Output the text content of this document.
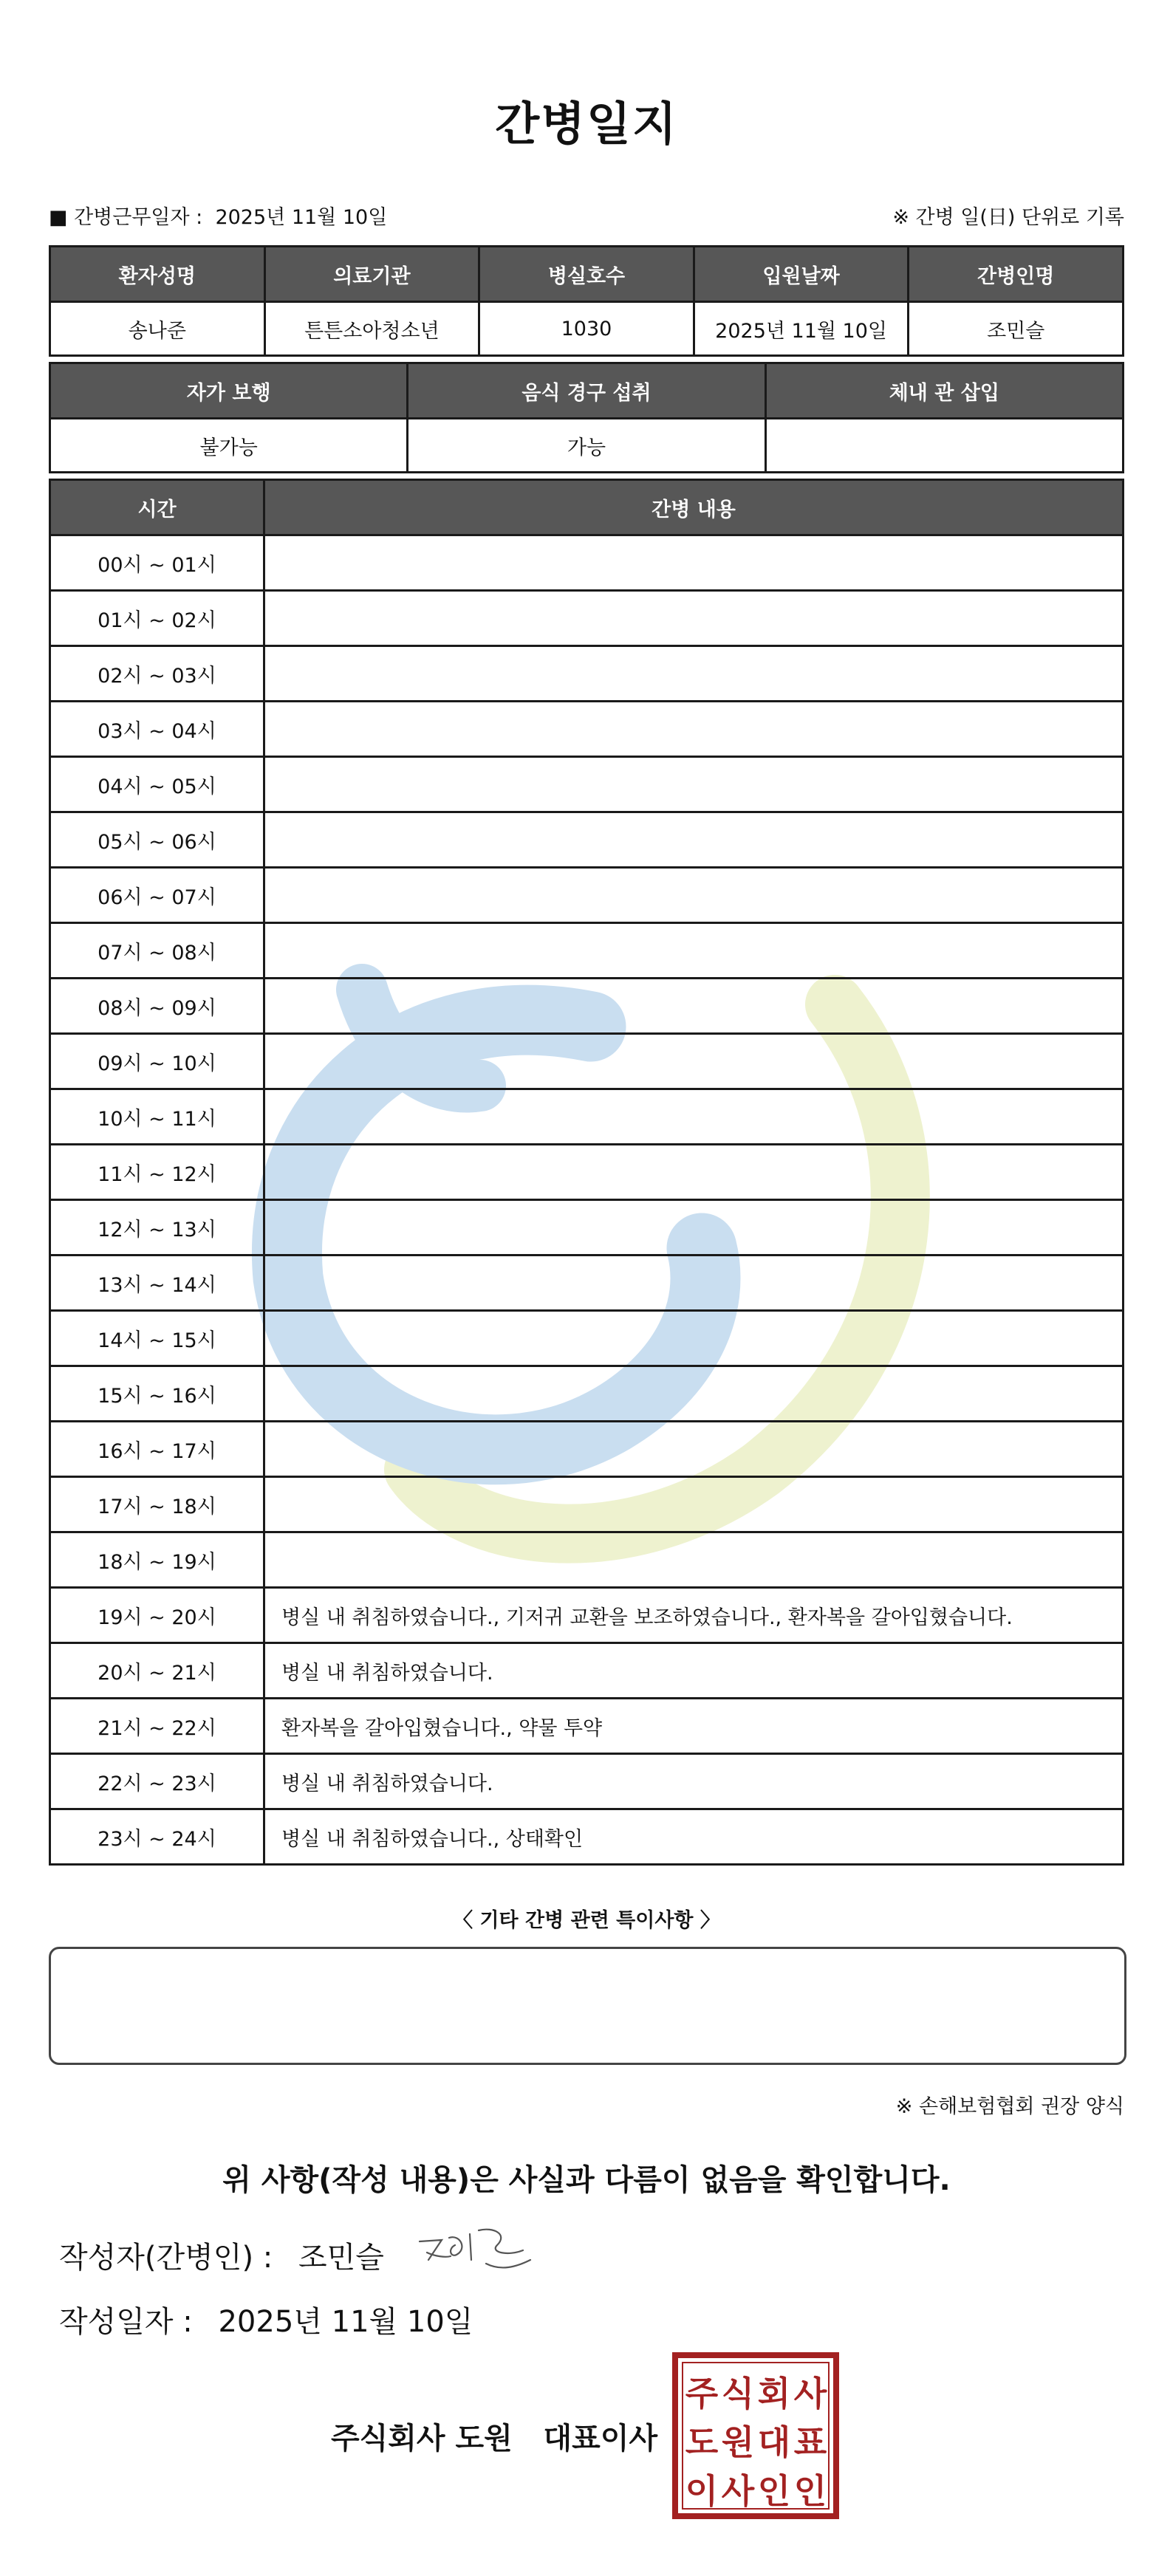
간병일지
■ 간병근무일자 : 2025년 11월 10일	※ 간병 일(日) 단위로 기록
환자성명	의료기관	병실호수	입원날짜	간병인명
송나준	튼튼소아청소년	1030	2025년 11월 10일	조민슬
자가 보행	음식 경구 섭취	체내 관 삽입
불가능	가능	
시간	간병 내용
00시 ~ 01시	
01시 ~ 02시	
02시 ~ 03시	
03시 ~ 04시	
04시 ~ 05시	
05시 ~ 06시	
06시 ~ 07시	
07시 ~ 08시	
08시 ~ 09시	
09시 ~ 10시	
10시 ~ 11시	
11시 ~ 12시	
12시 ~ 13시	
13시 ~ 14시	
14시 ~ 15시	
15시 ~ 16시	
16시 ~ 17시	
17시 ~ 18시	
18시 ~ 19시	
19시 ~ 20시	병실 내 취침하였습니다., 기저귀 교환을 보조하였습니다., 환자복을 갈아입혔습니다.
20시 ~ 21시	병실 내 취침하였습니다.
21시 ~ 22시	환자복을 갈아입혔습니다., 약물 투약
22시 ~ 23시	병실 내 취침하였습니다.
23시 ~ 24시	병실 내 취침하였습니다., 상태확인
〈 기타 간병 관련 특이사항 〉
※ 손해보험협회 권장 양식
위 사항(작성 내용)은 사실과 다름이 없음을 확인합니다.
작성자(간병인) : 조민슬
작성일자 : 2025년 11월 10일
주식회사 도원   대표이사
주 식 회 사
도 원 대 표
이 사 인 인
